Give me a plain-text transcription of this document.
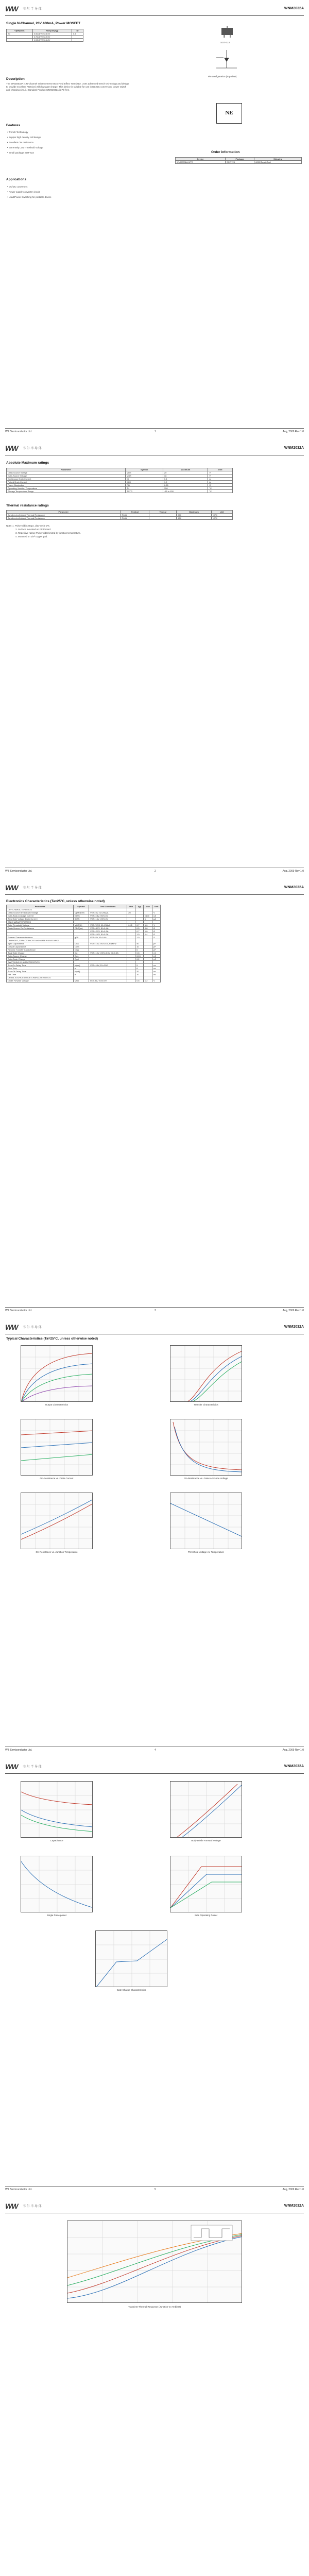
WW 韦 尔 半 导 体	WNM2032A
Single N-Channel, 20V 400mA, Power MOSFET
V(BR)DSS	RDS(ON)Typ	ID
20	0.5Ω@VGS=4.5V	0.4
	0.7Ω@VGS=2.5V	
	1.0Ω@VGS=1.8V	
SOT-723
Pin configuration (Top view)
Description
The WNM2032A is N-Channel enhancement MOS Field Effect Transistor. Uses advanced trench technology and design to provide excellent RDS(on) with low gate charge. This device is suitable for use in DC-DC conversion, power switch and charging circuit. Standard Product WNM2032A is Pb-free.
NE
Features
• Trench Technology
• Supper high density cell design
• Excellent ON resistance
• Extremely Low Threshold Voltage
• Small package SOT-723	Order information
Device	Package	Shipping
WNM2032A-3/TR	SOT-723	8000/Tape&Reel
Applications
• DC/DC converters
• Power supply converter circuit
• Load/Power Switching for portable device
Will Semiconductor Ltd.	1	Aug, 2009 Rev 1.0
WW 韦 尔 半 导 体	WNM2032A
Absolute Maximum ratings
Parameter	Symbol	Maximum	Unit
Drain-Source Voltage	VDS	20	V
Gate-Source Voltage	VGS	±8	V
Continuous Drain Current	ID	0.4	A
Pulsed Drain Current	IDM	1.2	A
Power Dissipation	PD	0.25	W
Operating Junction Temperature	TJ	150	°C
Storage Temperature Range	TSTG	-55 to 150	°C
Thermal resistance ratings
Parameter	Symbol	Typical	Maximum	Unit
Junction-to-Ambient Thermal Resistance	RθJA		500	°C/W
Junction-to-Ambient Thermal Resistance	RθJA		400	°C/W
Note: 1. Pulse width 300µs, duty cycle 2%.
2. Surface mounted on FR4 board.
3. Repetitive rating; Pulse width limited by junction temperature.
4. Mounted on 1in² copper pad.
Will Semiconductor Ltd.	2	Aug, 2009 Rev 1.0
WW 韦 尔 半 导 体	WNM2032A
Electronics Characteristics (Ta=25°C, unless otherwise noted)
Parameter	Symbol	Test Conditions	Min	Typ	Max	Unit
OFF CHARACTERISTICS						
Drain-Source Breakdown Voltage	V(BR)DSS	VGS=0V, ID=250µA	20			V
Gate-Body Leakage Current	IGSS	VGS=±8V, VDS=0V			±100	nA
Zero Gate Voltage Drain Current	IDSS	VDS=16V, VGS=0V			1	µA
ON CHARACTERISTICS						
Gate Threshold Voltage	VGS(th)	VDS=VGS, ID=250µA	0.45	0.7	1.0	V
Drain-Source On-Resistance	RDS(on)	VGS=4.5V, ID=0.4A		0.5	0.8	Ω
		VGS=2.5V, ID=0.3A		0.7	1.0	Ω
		VGS=1.8V, ID=0.2A		1.0	1.4	Ω
Forward Transconductance	gFS	VDS=5V, ID=0.4A		1.0		S
CHARGES, CAPACITANCES AND GATE RESISTANCE						
Input Capacitance	Ciss	VDS=10V, VGS=0V, f=1MHz		40		pF
Output Capacitance	Coss			10		pF
Reverse Transfer Capacitance	Crss			6		pF
Total Gate Charge	Qg	VDS=10V, VGS=4.5V, ID=0.4A		0.8		nC
Gate-Source Charge	Qgs			0.15		nC
Gate-Drain Charge	Qgd			0.2		nC
SWITCHING CHARACTERISTICS						
Turn-On Delay Time	td(on)	VDD=10V, RL=25Ω		5		ns
Rise Time	tr			8		ns
Turn-Off Delay Time	td(off)			20		ns
Fall Time	tf			10		ns
DRAIN-SOURCE DIODE CHARACTERISTICS						
Diode Forward Voltage	VSD	IS=0.4A, VGS=0V		0.8	1.2	V
Will Semiconductor Ltd.	3	Aug, 2009 Rev 1.0
WW 韦 尔 半 导 体	WNM2032A
Typical Characteristics (Ta=25°C, unless otherwise noted)
Output Characteristics	Transfer Characteristics
On-Resistance vs. Drain Current	On-Resistance vs. Gate-to-Source Voltage
On-Resistance vs. Junction Temperature	Threshold Voltage vs. Temperature
Will Semiconductor Ltd.	4	Aug, 2009 Rev 1.0
WW 韦 尔 半 导 体	WNM2032A
Capacitance	Body Diode Forward Voltage
Single Pulse power	Safe Operating Power
Gate Charge Characteristics
Will Semiconductor Ltd.	5	Aug, 2009 Rev 1.0
WW 韦 尔 半 导 体	WNM2032A
Transient Thermal Response (Junction-to-Ambient)
